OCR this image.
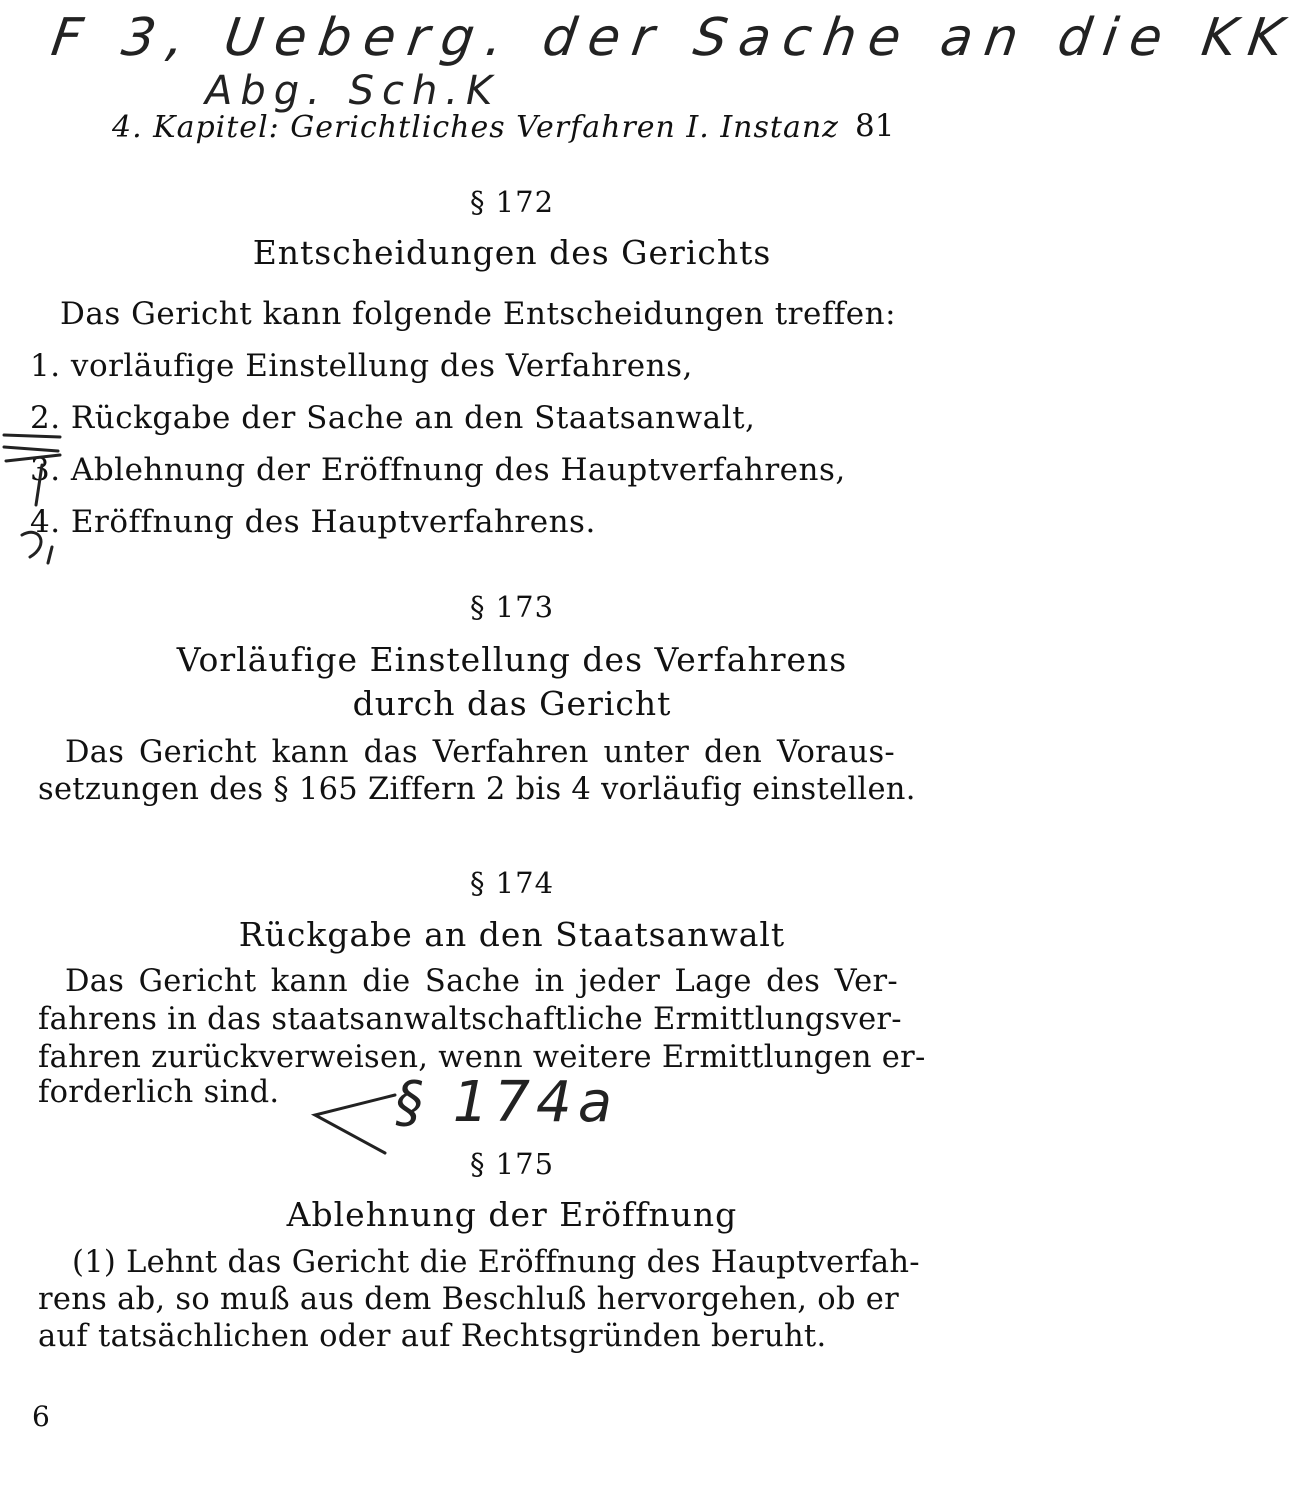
F 3, Ueberg. der Sache an die KK
Abg. Sch.K
4. Kapitel: Gerichtliches Verfahren I. Instanz 81
§ 172
Entscheidungen des Gerichts
Das Gericht kann folgende Entscheidungen treffen:
1. vorläufige Einstellung des Verfahrens,
2. Rückgabe der Sache an den Staatsanwalt,
3. Ablehnung der Eröffnung des Hauptverfahrens,
4. Eröffnung des Hauptverfahrens.
§ 173
Vorläufige Einstellung des Verfahrens
durch das Gericht
Das Gericht kann das Verfahren unter den Voraus-
setzungen des § 165 Ziffern 2 bis 4 vorläufig einstellen.
§ 174
Rückgabe an den Staatsanwalt
Das Gericht kann die Sache in jeder Lage des Ver-
fahrens in das staatsanwaltschaftliche Ermittlungsver-
fahren zurückverweisen, wenn weitere Ermittlungen er-
forderlich sind. § 174a
§ 175
Ablehnung der Eröffnung
(1) Lehnt das Gericht die Eröffnung des Hauptverfah-
rens ab, so muß aus dem Beschluß hervorgehen, ob er
auf tatsächlichen oder auf Rechtsgründen beruht.
6
